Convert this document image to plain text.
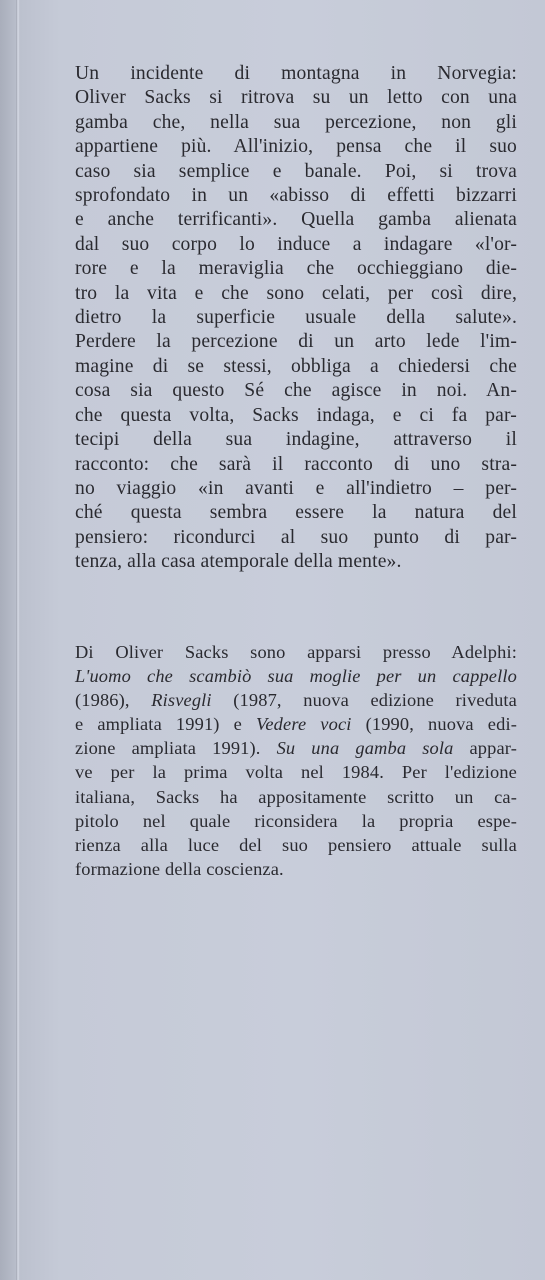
Un incidente di montagna in Norvegia:
Oliver Sacks si ritrova su un letto con una
gamba che, nella sua percezione, non gli
appartiene più. All'inizio, pensa che il suo
caso sia semplice e banale. Poi, si trova
sprofondato in un «abisso di effetti bizzarri
e anche terrificanti». Quella gamba alienata
dal suo corpo lo induce a indagare «l'or-
rore e la meraviglia che occhieggiano die-
tro la vita e che sono celati, per così dire,
dietro la superficie usuale della salute».
Perdere la percezione di un arto lede l'im-
magine di se stessi, obbliga a chiedersi che
cosa sia questo Sé che agisce in noi. An-
che questa volta, Sacks indaga, e ci fa par-
tecipi della sua indagine, attraverso il
racconto: che sarà il racconto di uno stra-
no viaggio «in avanti e all'indietro – per-
ché questa sembra essere la natura del
pensiero: ricondurci al suo punto di par-
tenza, alla casa atemporale della mente».
Di Oliver Sacks sono apparsi presso Adelphi:
L'uomo che scambiò sua moglie per un cappello
(1986), Risvegli (1987, nuova edizione riveduta
e ampliata 1991) e Vedere voci (1990, nuova edi-
zione ampliata 1991). Su una gamba sola appar-
ve per la prima volta nel 1984. Per l'edizione
italiana, Sacks ha appositamente scritto un ca-
pitolo nel quale riconsidera la propria espe-
rienza alla luce del suo pensiero attuale sulla
formazione della coscienza.
